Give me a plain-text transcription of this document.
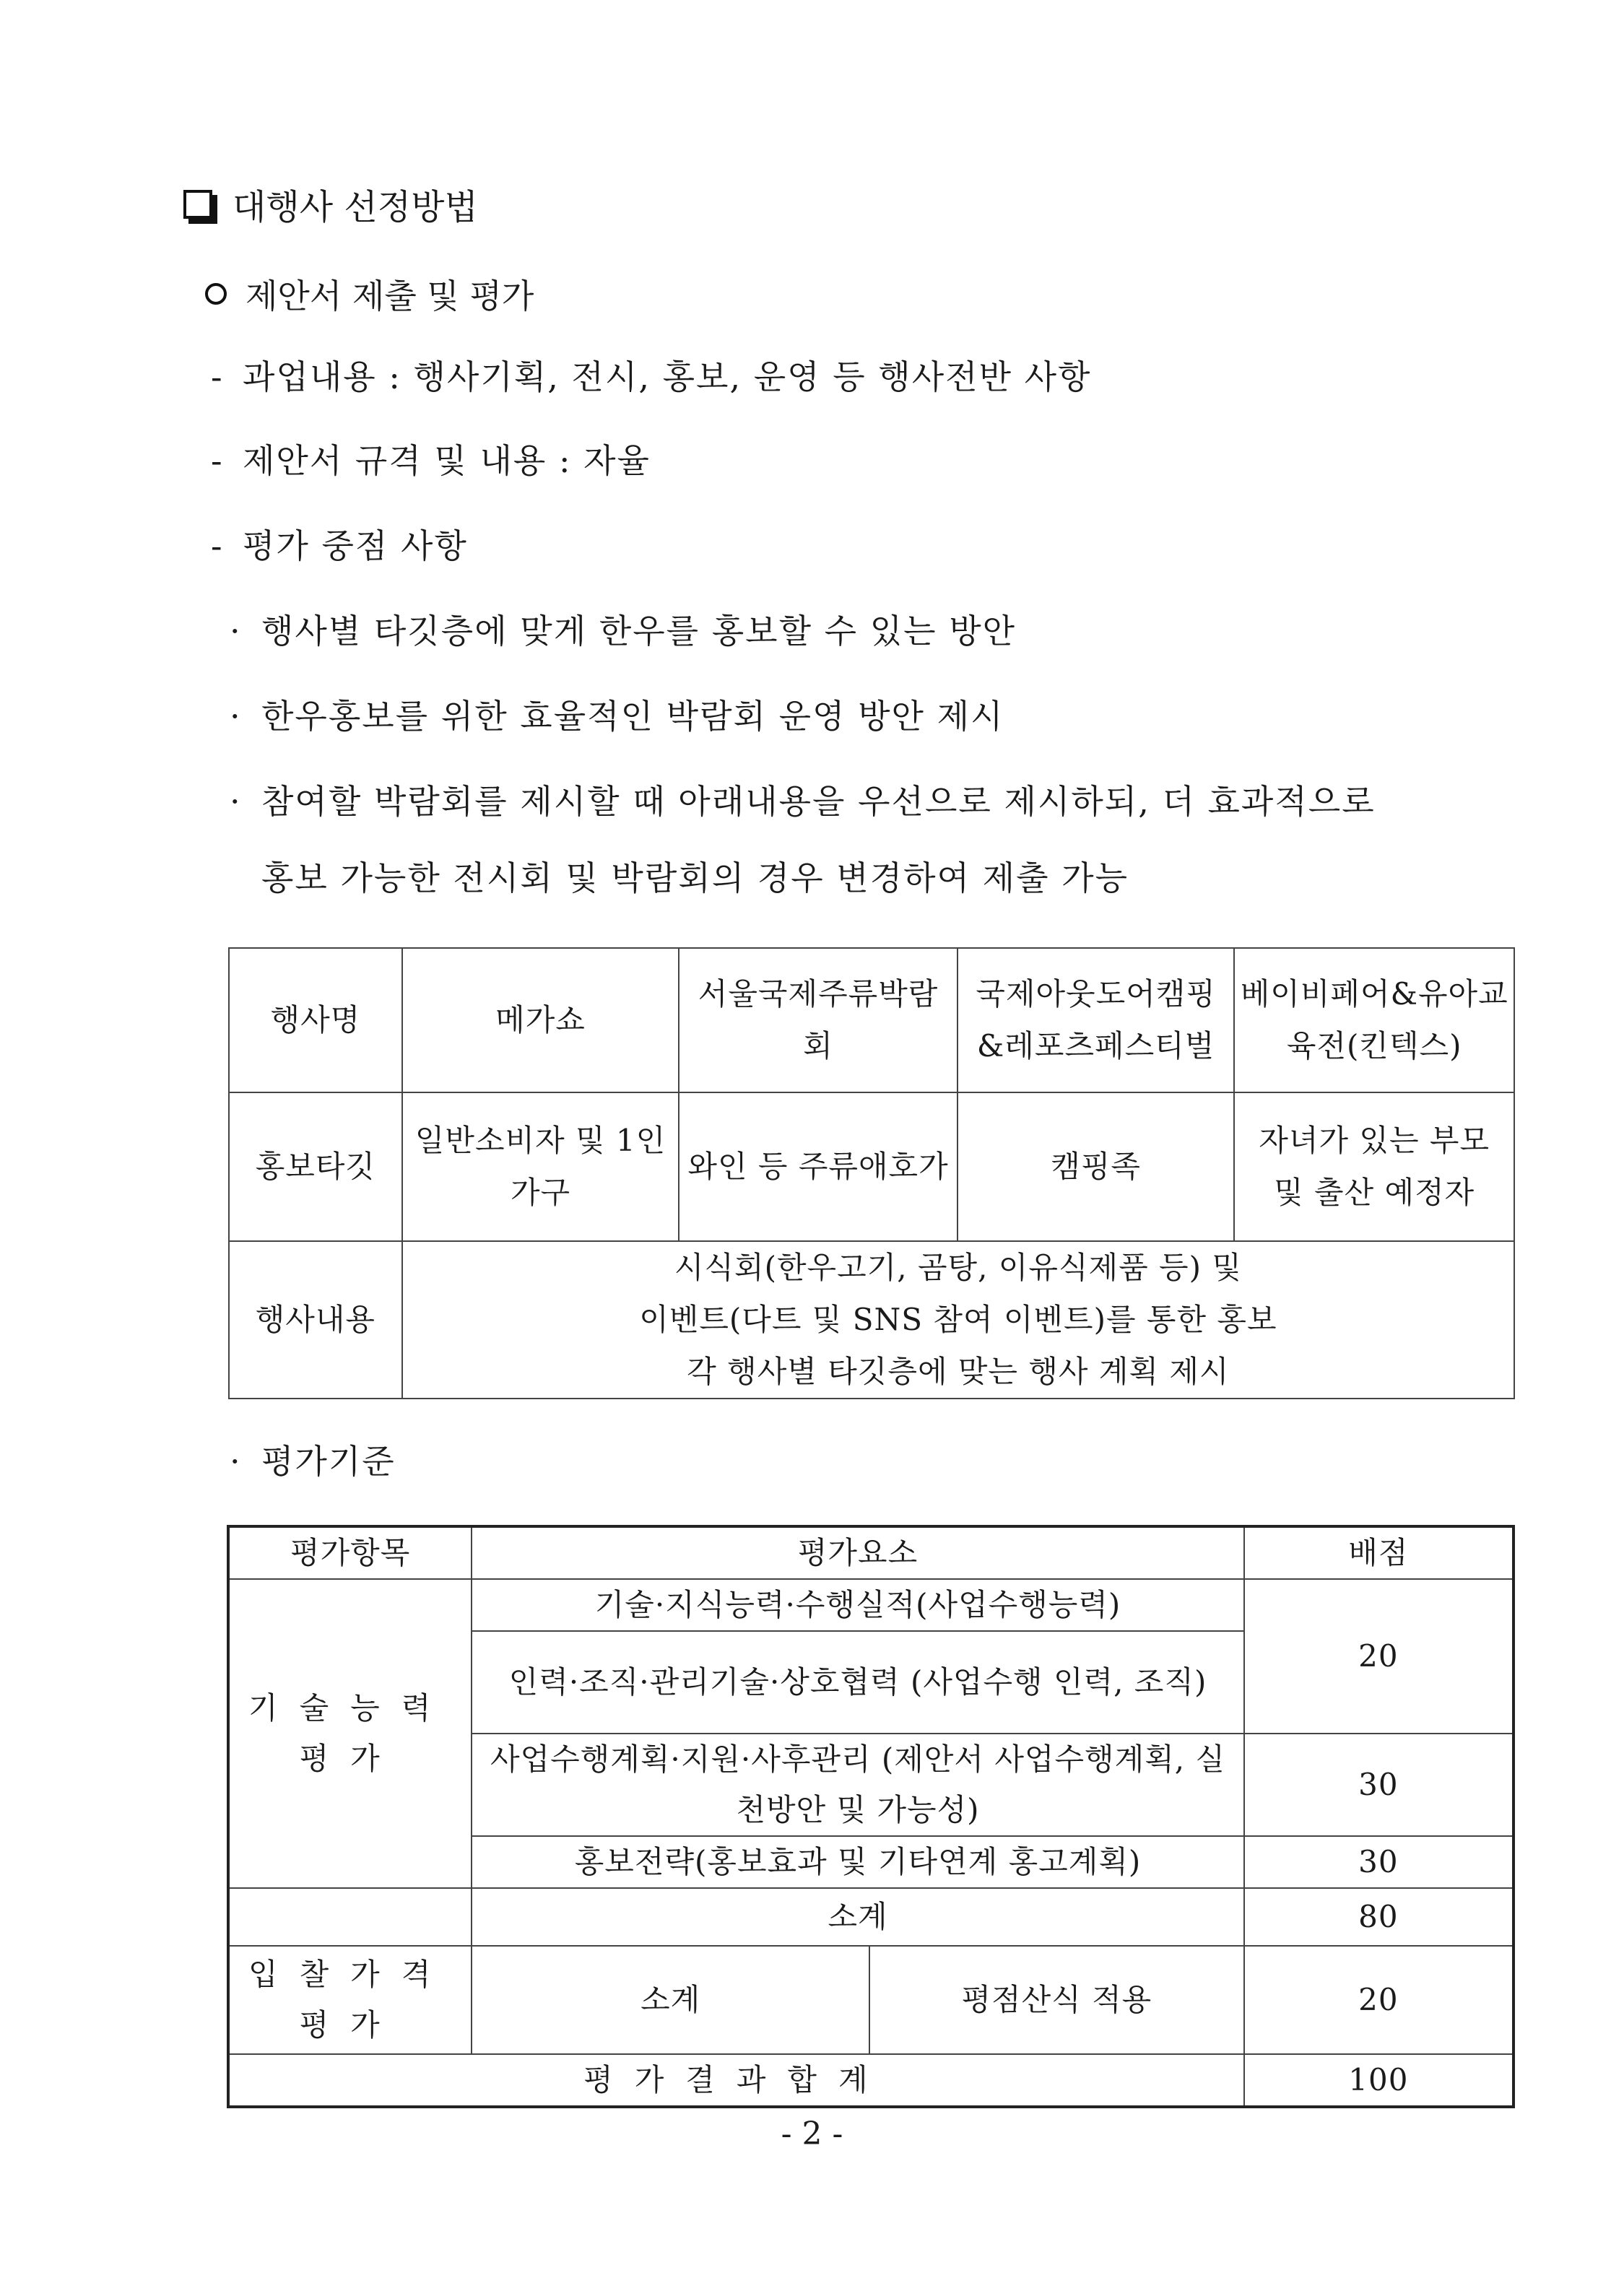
대행사 선정방법
제안서 제출 및 평가
- 과업내용 : 행사기획, 전시, 홍보, 운영 등 행사전반 사항
- 제안서 규격 및 내용 : 자율
- 평가 중점 사항
· 행사별 타깃층에 맞게 한우를 홍보할 수 있는 방안
· 한우홍보를 위한 효율적인 박람회 운영 방안 제시
· 참여할 박람회를 제시할 때 아래내용을 우선으로 제시하되, 더 효과적으로
홍보 가능한 전시회 및 박람회의 경우 변경하여 제출 가능
행사명	메가쇼	서울국제주류박람회	국제아웃도어캠핑&레포츠페스티벌	베이비페어&유아교육전(킨텍스)
홍보타깃	일반소비자 및 1인가구	와인 등 주류애호가	캠핑족	자녀가 있는 부모 및 출산 예정자
행사내용	시식회(한우고기, 곰탕, 이유식제품 등) 및
이벤트(다트 및 SNS 참여 이벤트)를 통한 홍보
각 행사별 타깃층에 맞는 행사 계획 제시			
· 평가기준
평가항목	평가요소		배점
기술능력 평가	기술·지식능력·수행실적(사업수행능력)		20
	인력·조직·관리기술·상호협력 (사업수행 인력, 조직)		
	사업수행계획·지원·사후관리 (제안서 사업수행계획, 실천방안 및 가능성)		30
	홍보전략(홍보효과 및 기타연계 홍고계획)		30
	소계		80
입찰가격 평가	소계	평점산식 적용	20
평가결과합계			100
- 2 -
